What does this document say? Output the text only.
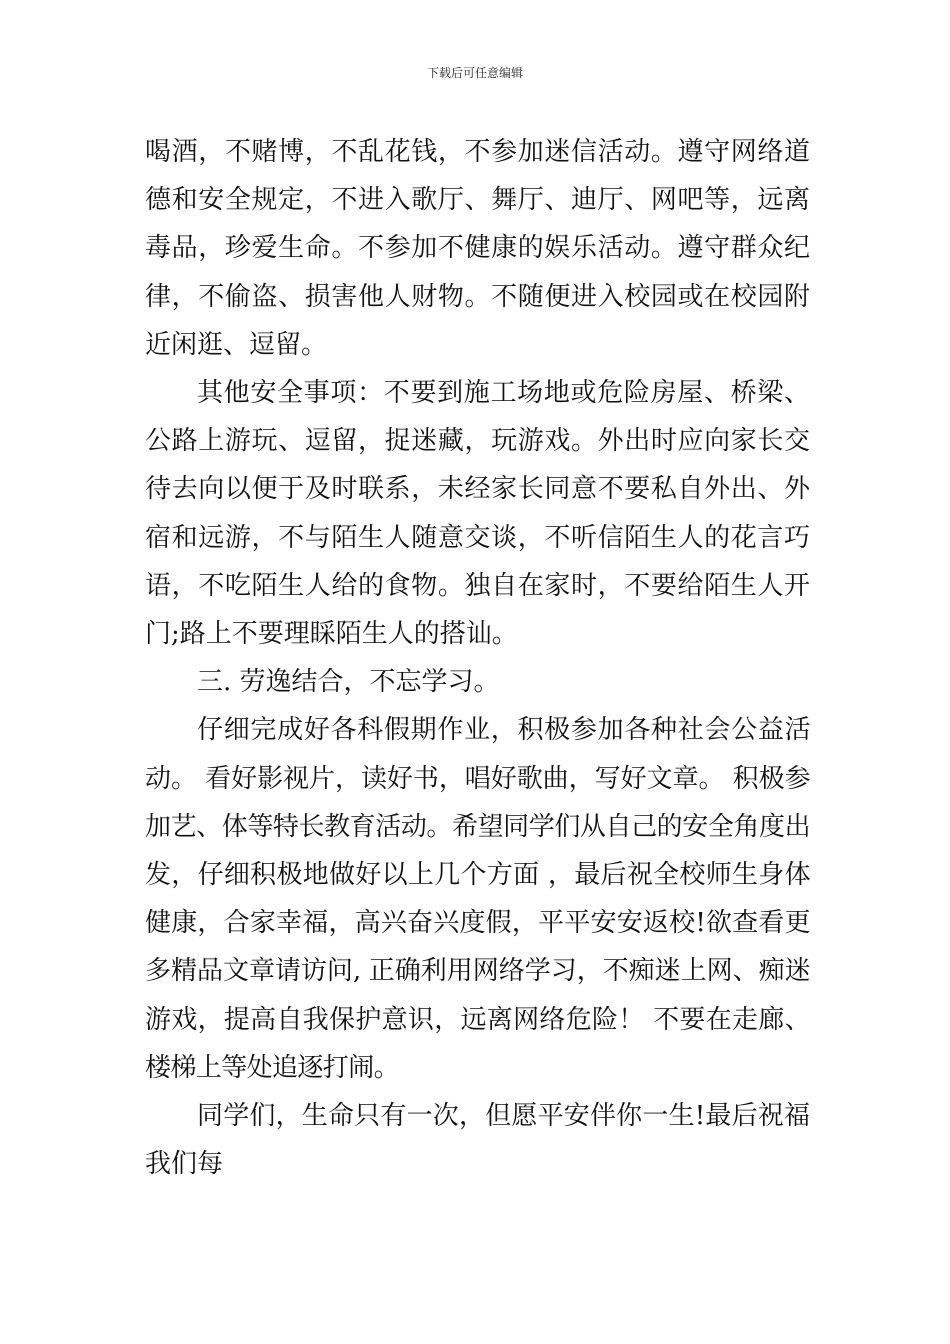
下载后可任意编辑

喝酒，不赌博，不乱花钱，不参加迷信活动。遵守网络道德和安全规定，不进入歌厅、舞厅、迪厅、网吧等，远离毒品，珍爱生命。不参加不健康的娱乐活动。遵守群众纪律，不偷盗、损害他人财物。不随便进入校园或在校园附近闲逛、逗留。

其他安全事项：不要到施工场地或危险房屋、桥梁、公路上游玩、逗留，捉迷藏，玩游戏。外出时应向家长交待去向以便于及时联系，未经家长同意不要私自外出、外宿和远游，不与陌生人随意交谈，不听信陌生人的花言巧语，不吃陌生人给的食物。独自在家时，不要给陌生人开门;路上不要理睬陌生人的搭讪。

三. 劳逸结合，不忘学习。

仔细完成好各科假期作业，积极参加各种社会公益活动。 看好影视片，读好书，唱好歌曲，写好文章。 积极参加艺、体等特长教育活动。希望同学们从自己的安全角度出发，仔细积极地做好以上几个方面 ，最后祝全校师生身体健康，合家幸福，高兴奋兴度假，平平安安返校!欲查看更多精品文章请访问, 正确利用网络学习，不痴迷上网、痴迷游戏，提高自我保护意识，远离网络危险！ 不要在走廊、楼梯上等处追逐打闹。

同学们，生命只有一次，但愿平安伴你一生!最后祝福我们每
